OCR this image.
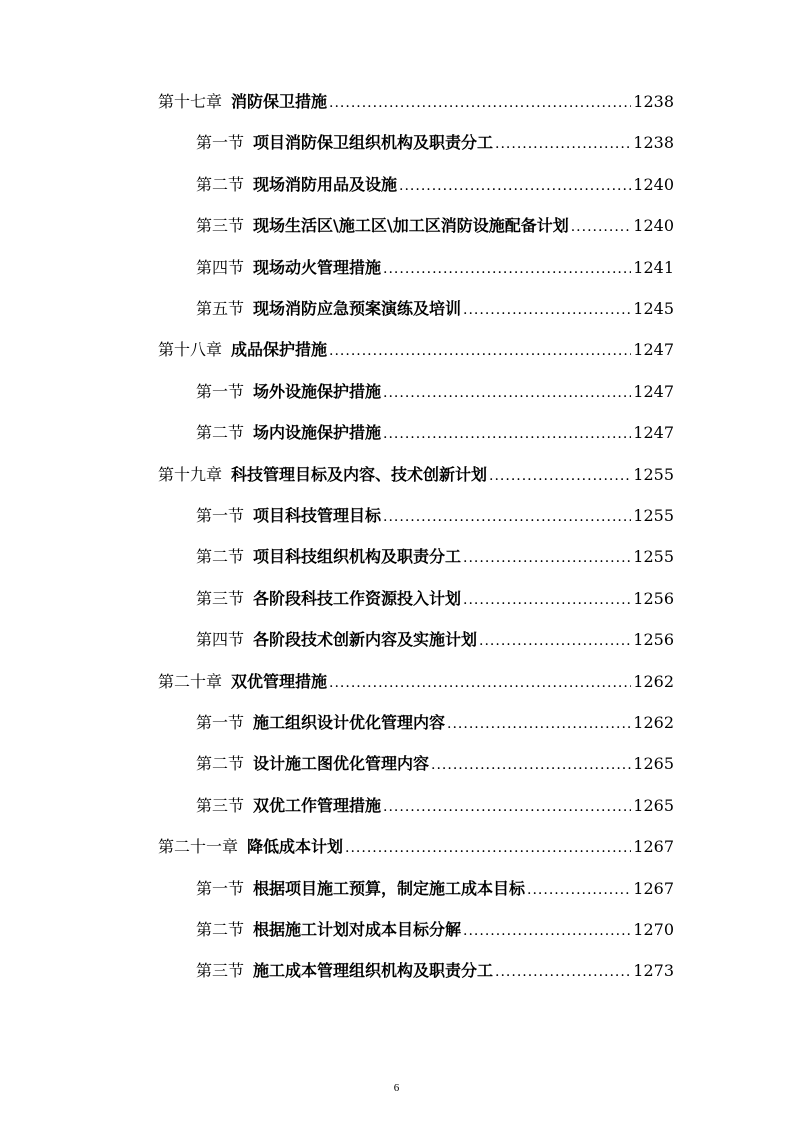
第十七章 消防保卫措施 .....	1238
第一节 项目消防保卫组织机构及职责分工 .....	1238
第二节 现场消防用品及设施 .....	1240
第三节 现场生活区\施工区\加工区消防设施配备计划 .....	1240
第四节 现场动火管理措施 .....	1241
第五节 现场消防应急预案演练及培训 .....	1245
第十八章 成品保护措施 .....	1247
第一节 场外设施保护措施 .....	1247
第二节 场内设施保护措施 .....	1247
第十九章 科技管理目标及内容、技术创新计划 .....	1255
第一节 项目科技管理目标 .....	1255
第二节 项目科技组织机构及职责分工 .....	1255
第三节 各阶段科技工作资源投入计划 .....	1256
第四节 各阶段技术创新内容及实施计划 .....	1256
第二十章 双优管理措施 .....	1262
第一节 施工组织设计优化管理内容 .....	1262
第二节 设计施工图优化管理内容 .....	1265
第三节 双优工作管理措施 .....	1265
第二十一章 降低成本计划 .....	1267
第一节 根据项目施工预算，制定施工成本目标 .....	1267
第二节 根据施工计划对成本目标分解 .....	1270
第三节 施工成本管理组织机构及职责分工 .....	1273
6
